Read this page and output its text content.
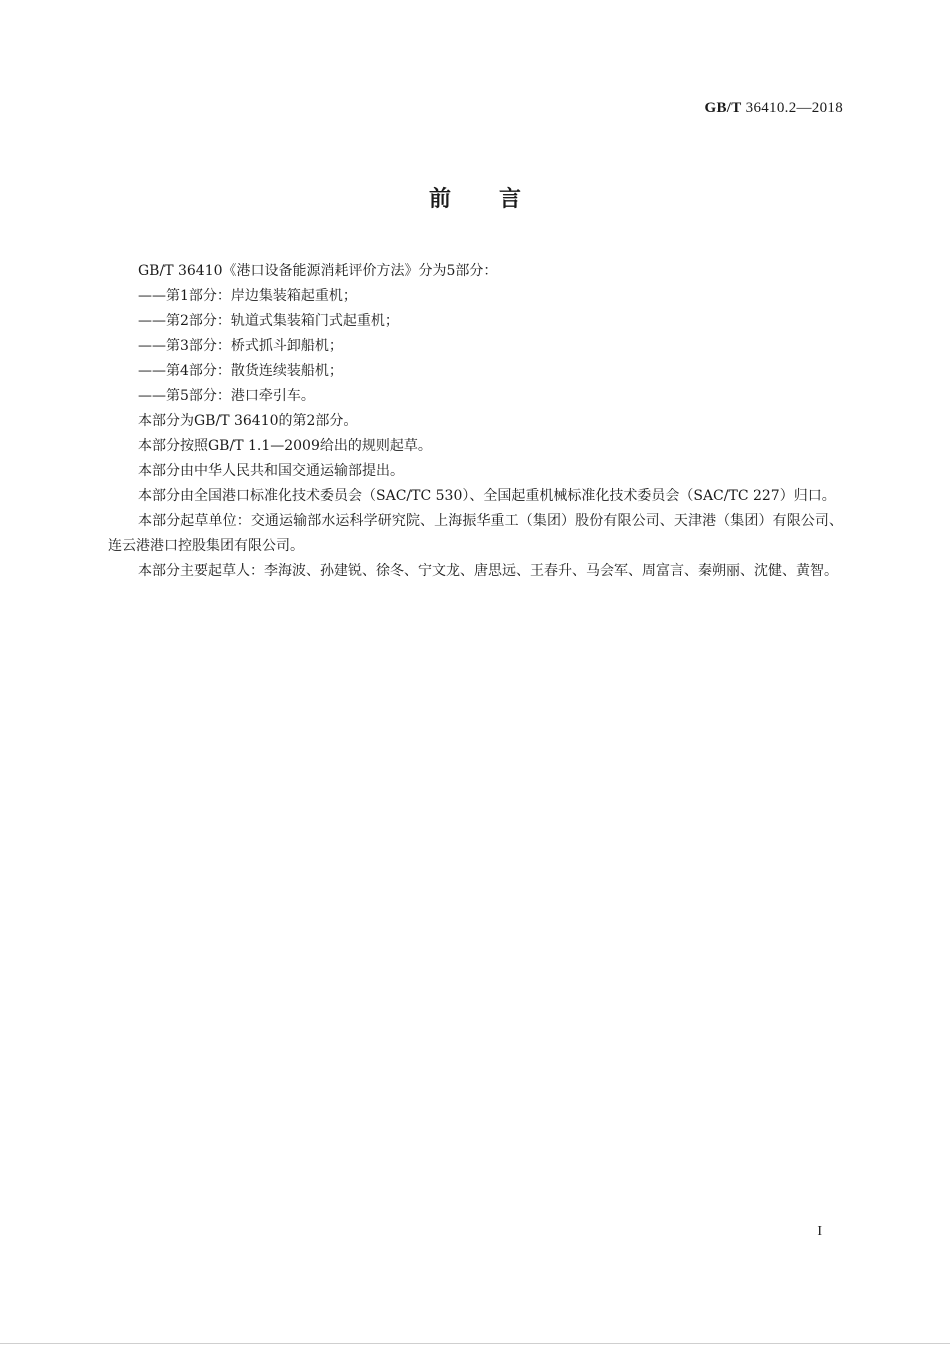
GB/T 36410.2—2018
前 言

GB/T 36410《港口设备能源消耗评价方法》分为5部分：

——第1部分：岸边集装箱起重机；

——第2部分：轨道式集装箱门式起重机；

——第3部分：桥式抓斗卸船机；

——第4部分：散货连续装船机；

——第5部分：港口牵引车。

本部分为GB/T 36410的第2部分。

本部分按照GB/T 1.1—2009给出的规则起草。

本部分由中华人民共和国交通运输部提出。

本部分由全国港口标准化技术委员会（SAC/TC 530）、全国起重机械标准化技术委员会（SAC/TC 227）归口。

本部分起草单位：交通运输部水运科学研究院、上海振华重工（集团）股份有限公司、天津港（集团）有限公司、连云港港口控股集团有限公司。

本部分主要起草人：李海波、孙建锐、徐冬、宁文龙、唐思远、王春升、马会军、周富言、秦朔丽、沈健、黄智。

I
